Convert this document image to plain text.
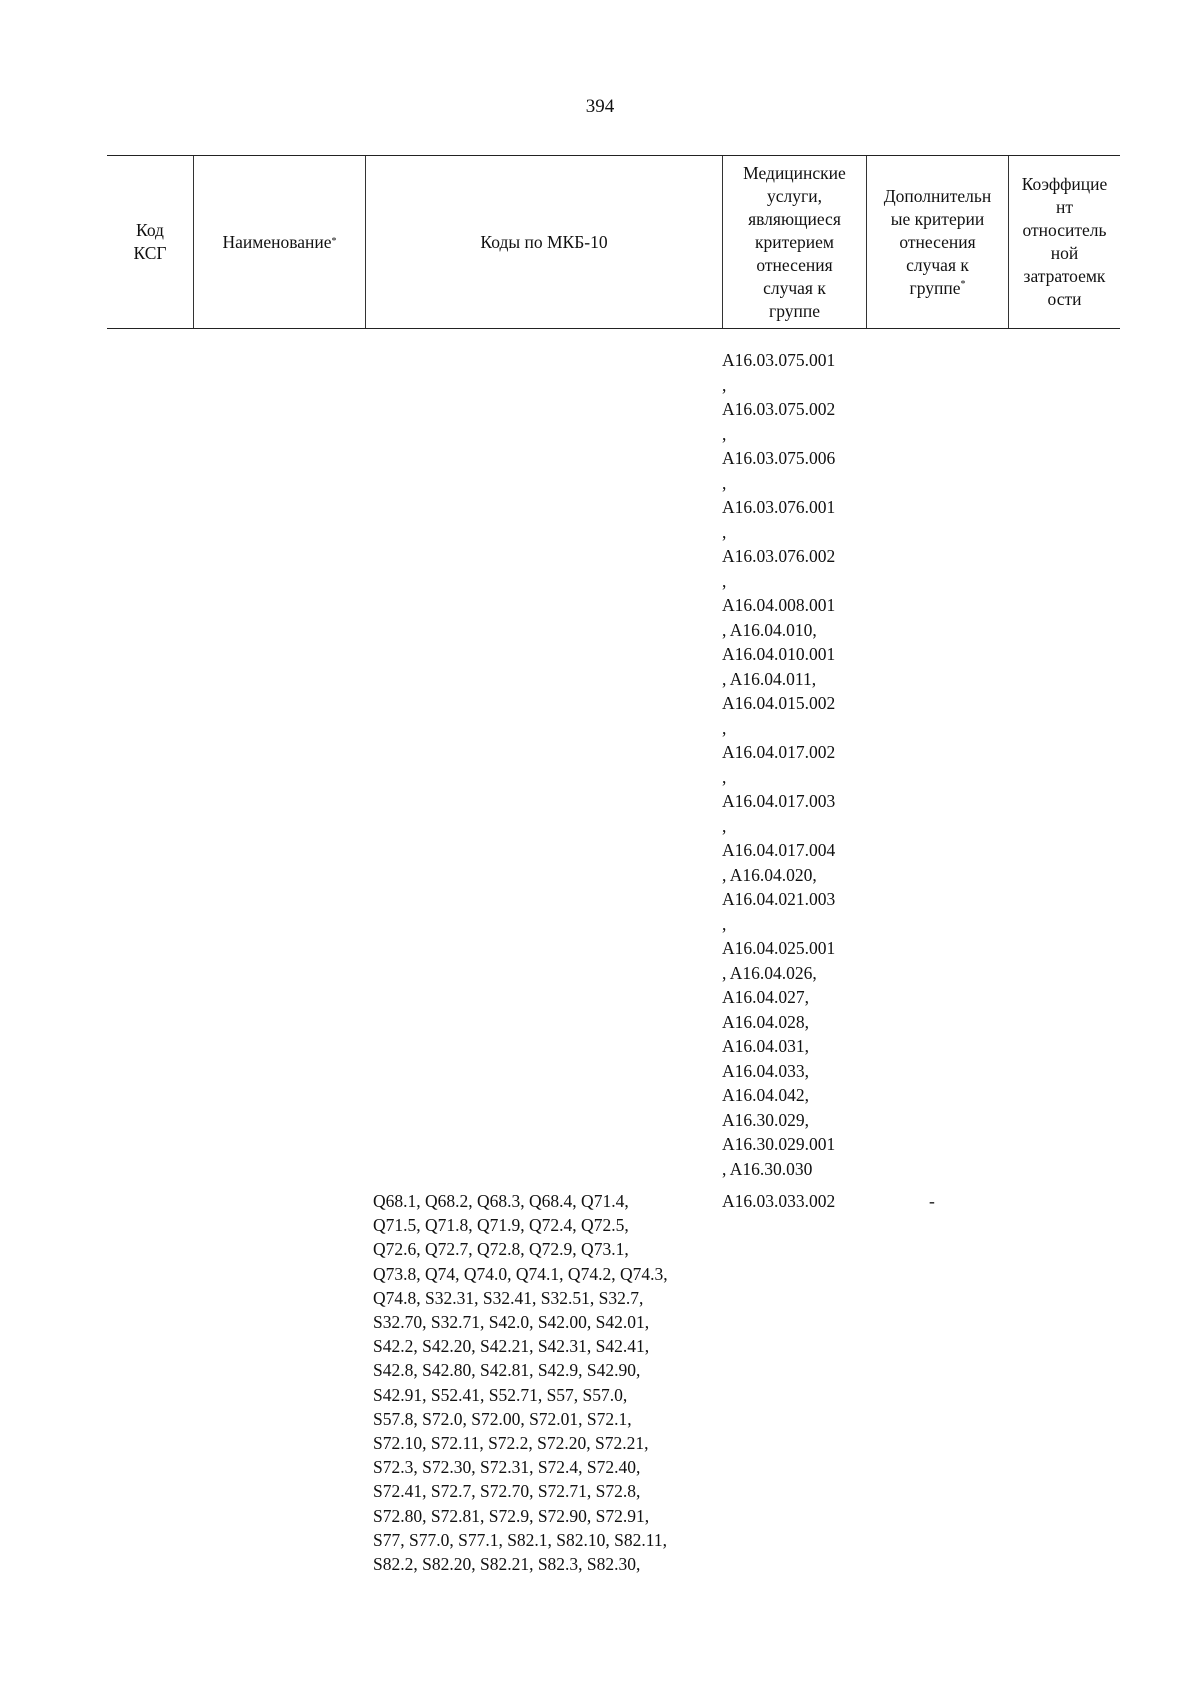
394
Код
КСГ
Наименование *	Коды по МКБ-10
Медицинские
услуги,
являющиеся
критерием
отнесения
случая к
группе
Дополнительн
ые критерии
отнесения
случая к
группе*
Коэффицие
нт
относитель
ной
затратоемк
ости
A16.03.075.001
,
A16.03.075.002
,
A16.03.075.006
,
A16.03.076.001
,
A16.03.076.002
,
A16.04.008.001
, A16.04.010,
A16.04.010.001
, A16.04.011,
A16.04.015.002
,
A16.04.017.002
,
A16.04.017.003
,
A16.04.017.004
, A16.04.020,
A16.04.021.003
,
A16.04.025.001
, A16.04.026,
A16.04.027,
A16.04.028,
A16.04.031,
A16.04.033,
A16.04.042,
A16.30.029,
A16.30.029.001
, A16.30.030
Q68.1, Q68.2, Q68.3, Q68.4, Q71.4,
Q71.5, Q71.8, Q71.9, Q72.4, Q72.5,
Q72.6, Q72.7, Q72.8, Q72.9, Q73.1,
Q73.8, Q74, Q74.0, Q74.1, Q74.2, Q74.3,
Q74.8, S32.31, S32.41, S32.51, S32.7,
S32.70, S32.71, S42.0, S42.00, S42.01,
S42.2, S42.20, S42.21, S42.31, S42.41,
S42.8, S42.80, S42.81, S42.9, S42.90,
S42.91, S52.41, S52.71, S57, S57.0,
S57.8, S72.0, S72.00, S72.01, S72.1,
S72.10, S72.11, S72.2, S72.20, S72.21,
S72.3, S72.30, S72.31, S72.4, S72.40,
S72.41, S72.7, S72.70, S72.71, S72.8,
S72.80, S72.81, S72.9, S72.90, S72.91,
S77, S77.0, S77.1, S82.1, S82.10, S82.11,
S82.2, S82.20, S82.21, S82.3, S82.30,
A16.03.033.002	-
